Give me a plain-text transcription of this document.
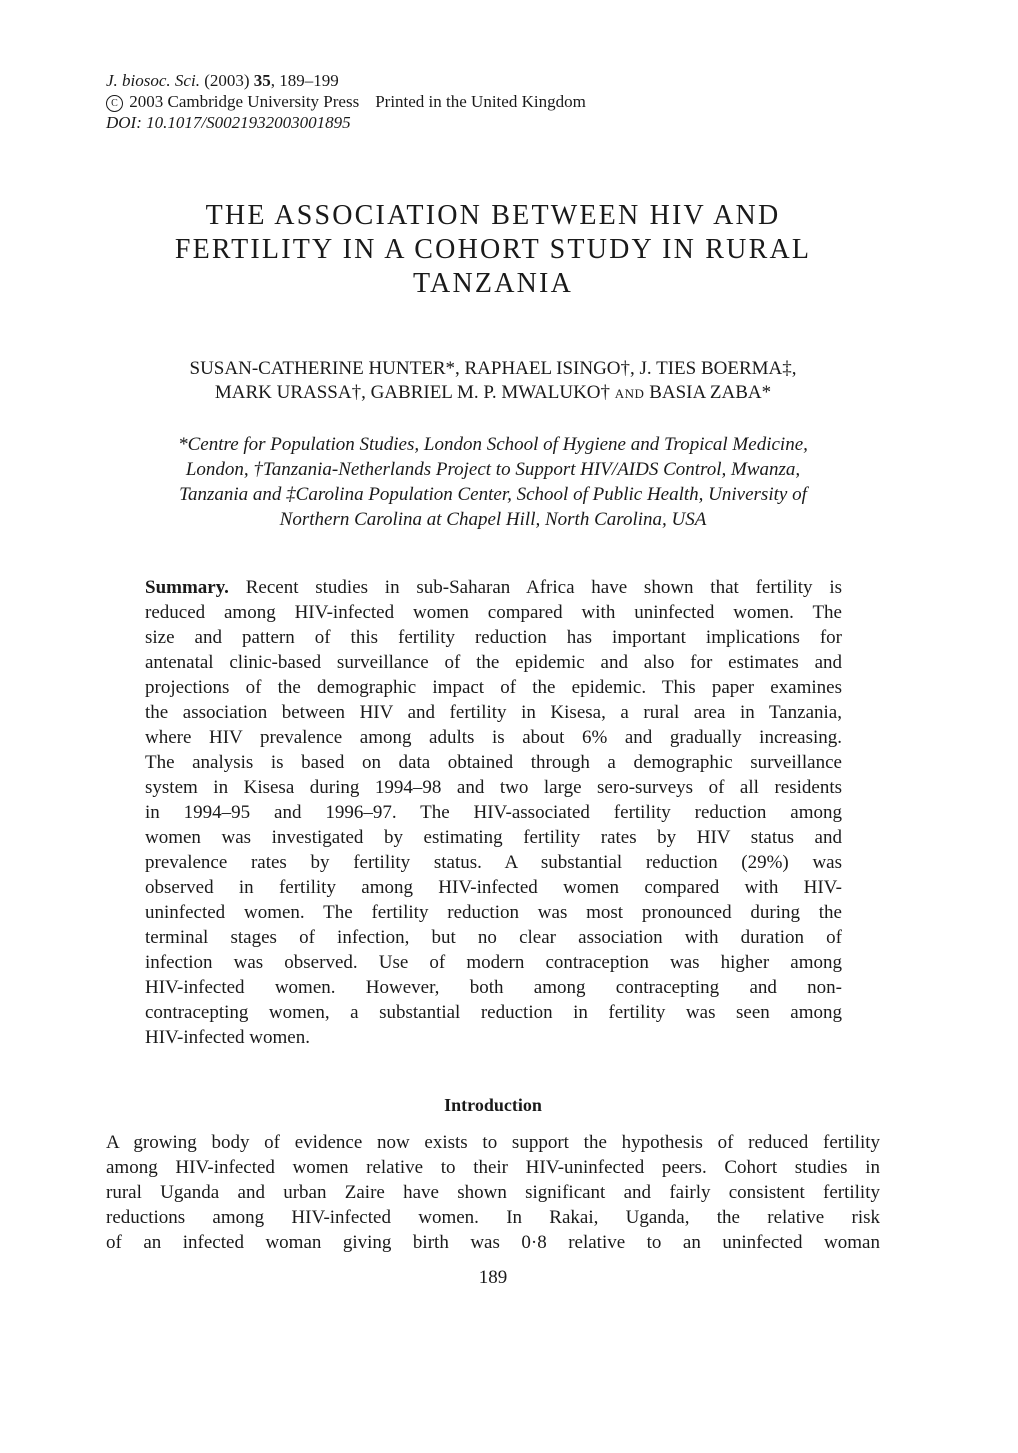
J. biosoc. Sci. (2003) 35, 189–199
C 2003 Cambridge University Press Printed in the United Kingdom
DOI: 10.1017/S0021932003001895
THE ASSOCIATION BETWEEN HIV AND
FERTILITY IN A COHORT STUDY IN RURAL
TANZANIA
SUSAN-CATHERINE HUNTER*, RAPHAEL ISINGO†, J. TIES BOERMA‡,
MARK URASSA†, GABRIEL M. P. MWALUKO† AND BASIA ZABA*
*Centre for Population Studies, London School of Hygiene and Tropical Medicine,
London, †Tanzania-Netherlands Project to Support HIV/AIDS Control, Mwanza,
Tanzania and ‡Carolina Population Center, School of Public Health, University of
Northern Carolina at Chapel Hill, North Carolina, USA
Summary. Recent studies in sub-Saharan Africa have shown that fertility is
reduced among HIV-infected women compared with uninfected women. The
size and pattern of this fertility reduction has important implications for
antenatal clinic-based surveillance of the epidemic and also for estimates and
projections of the demographic impact of the epidemic. This paper examines
the association between HIV and fertility in Kisesa, a rural area in Tanzania,
where HIV prevalence among adults is about 6% and gradually increasing.
The analysis is based on data obtained through a demographic surveillance
system in Kisesa during 1994–98 and two large sero-surveys of all residents
in 1994–95 and 1996–97. The HIV-associated fertility reduction among
women was investigated by estimating fertility rates by HIV status and
prevalence rates by fertility status. A substantial reduction (29%) was
observed in fertility among HIV-infected women compared with HIV-
uninfected women. The fertility reduction was most pronounced during the
terminal stages of infection, but no clear association with duration of
infection was observed. Use of modern contraception was higher among
HIV-infected women. However, both among contracepting and non-
contracepting women, a substantial reduction in fertility was seen among
HIV-infected women.
Introduction
A growing body of evidence now exists to support the hypothesis of reduced fertility
among HIV-infected women relative to their HIV-uninfected peers. Cohort studies in
rural Uganda and urban Zaire have shown significant and fairly consistent fertility
reductions among HIV-infected women. In Rakai, Uganda, the relative risk
of an infected woman giving birth was 0·8 relative to an uninfected woman
189
